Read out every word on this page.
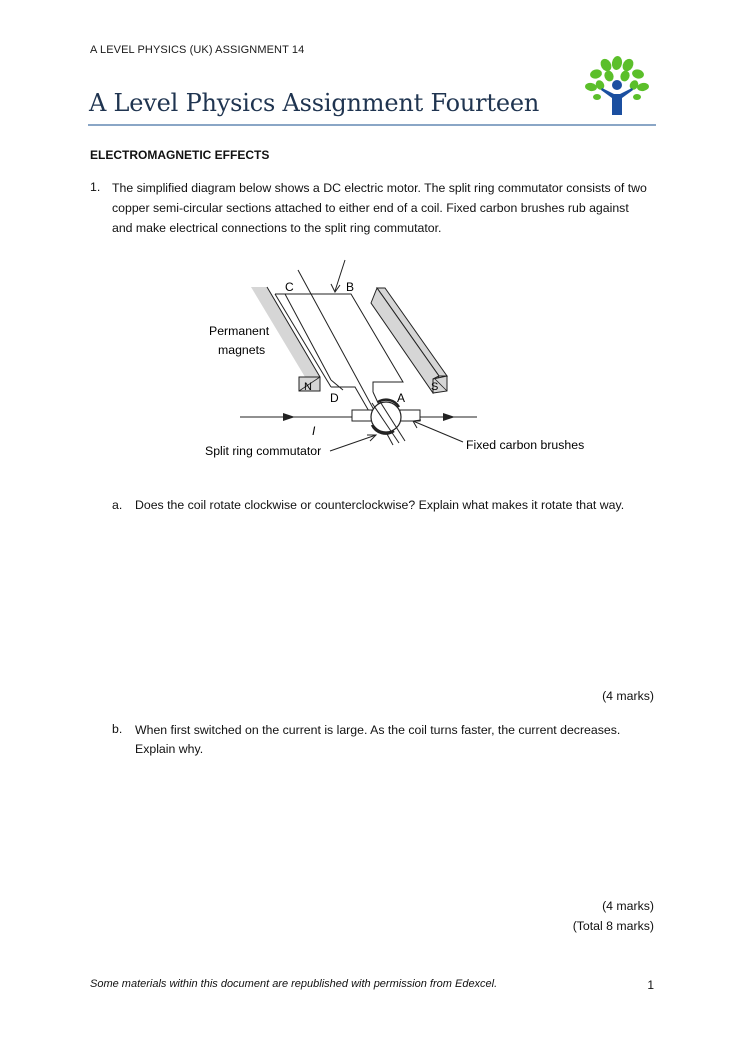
A LEVEL PHYSICS (UK) ASSIGNMENT 14
A Level Physics Assignment Fourteen
ELECTROMAGNETIC EFFECTS
1. The simplified diagram below shows a DC electric motor. The split ring commutator consists of two copper semi-circular sections attached to either end of a coil. Fixed carbon brushes rub against and make electrical connections to the split ring commutator.
N	S
Permanent
magnets
C	B
D	A
I
Split ring commutator	Fixed carbon brushes
a. Does the coil rotate clockwise or counterclockwise? Explain what makes it rotate that way.
(4 marks)
b. When first switched on the current is large. As the coil turns faster, the current decreases. Explain why.
(4 marks)
(Total 8 marks)
Some materials within this document are republished with permission from Edexcel.	1
